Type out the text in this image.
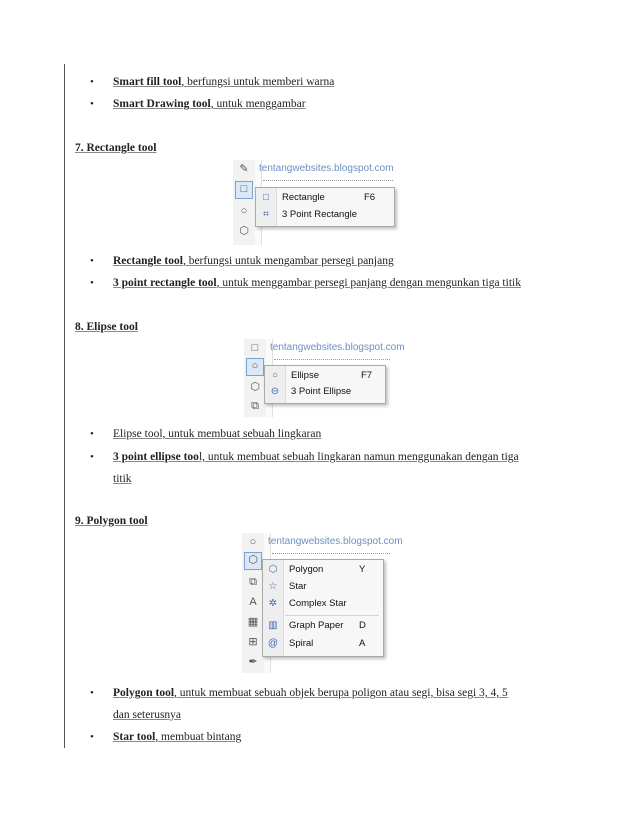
• Smart fill tool, berfungsi untuk memberi warna
• Smart Drawing tool, untuk menggambar
7. Rectangle tool
✎
□
○
⬡
tentangwebsites.blogspot.com
□	Rectangle	F6
⌗	3 Point Rectangle
• Rectangle tool, berfungsi untuk mengambar persegi panjang
• 3 point rectangle tool, untuk menggambar persegi panjang dengan mengunkan tiga titik
8. Elipse tool
□
○
⬡
⧉
tentangwebsites.blogspot.com
○	Ellipse	F7
⊖ 3 Point Ellipse
• Elipse tool, untuk membuat sebuah lingkaran
• 3 point ellipse tool, untuk membuat sebuah lingkaran namun menggunakan dengan tiga
titik
9. Polygon tool
○
⬡
⧉
A
▦
⊞
✒
tentangwebsites.blogspot.com
⬡ Polygon	Y
☆ Star
✲ Complex Star
▥ Graph Paper D
@ Spiral	A
• Polygon tool, untuk membuat sebuah objek berupa poligon atau segi, bisa segi 3, 4, 5
dan seterusnya
• Star tool, membuat bintang
